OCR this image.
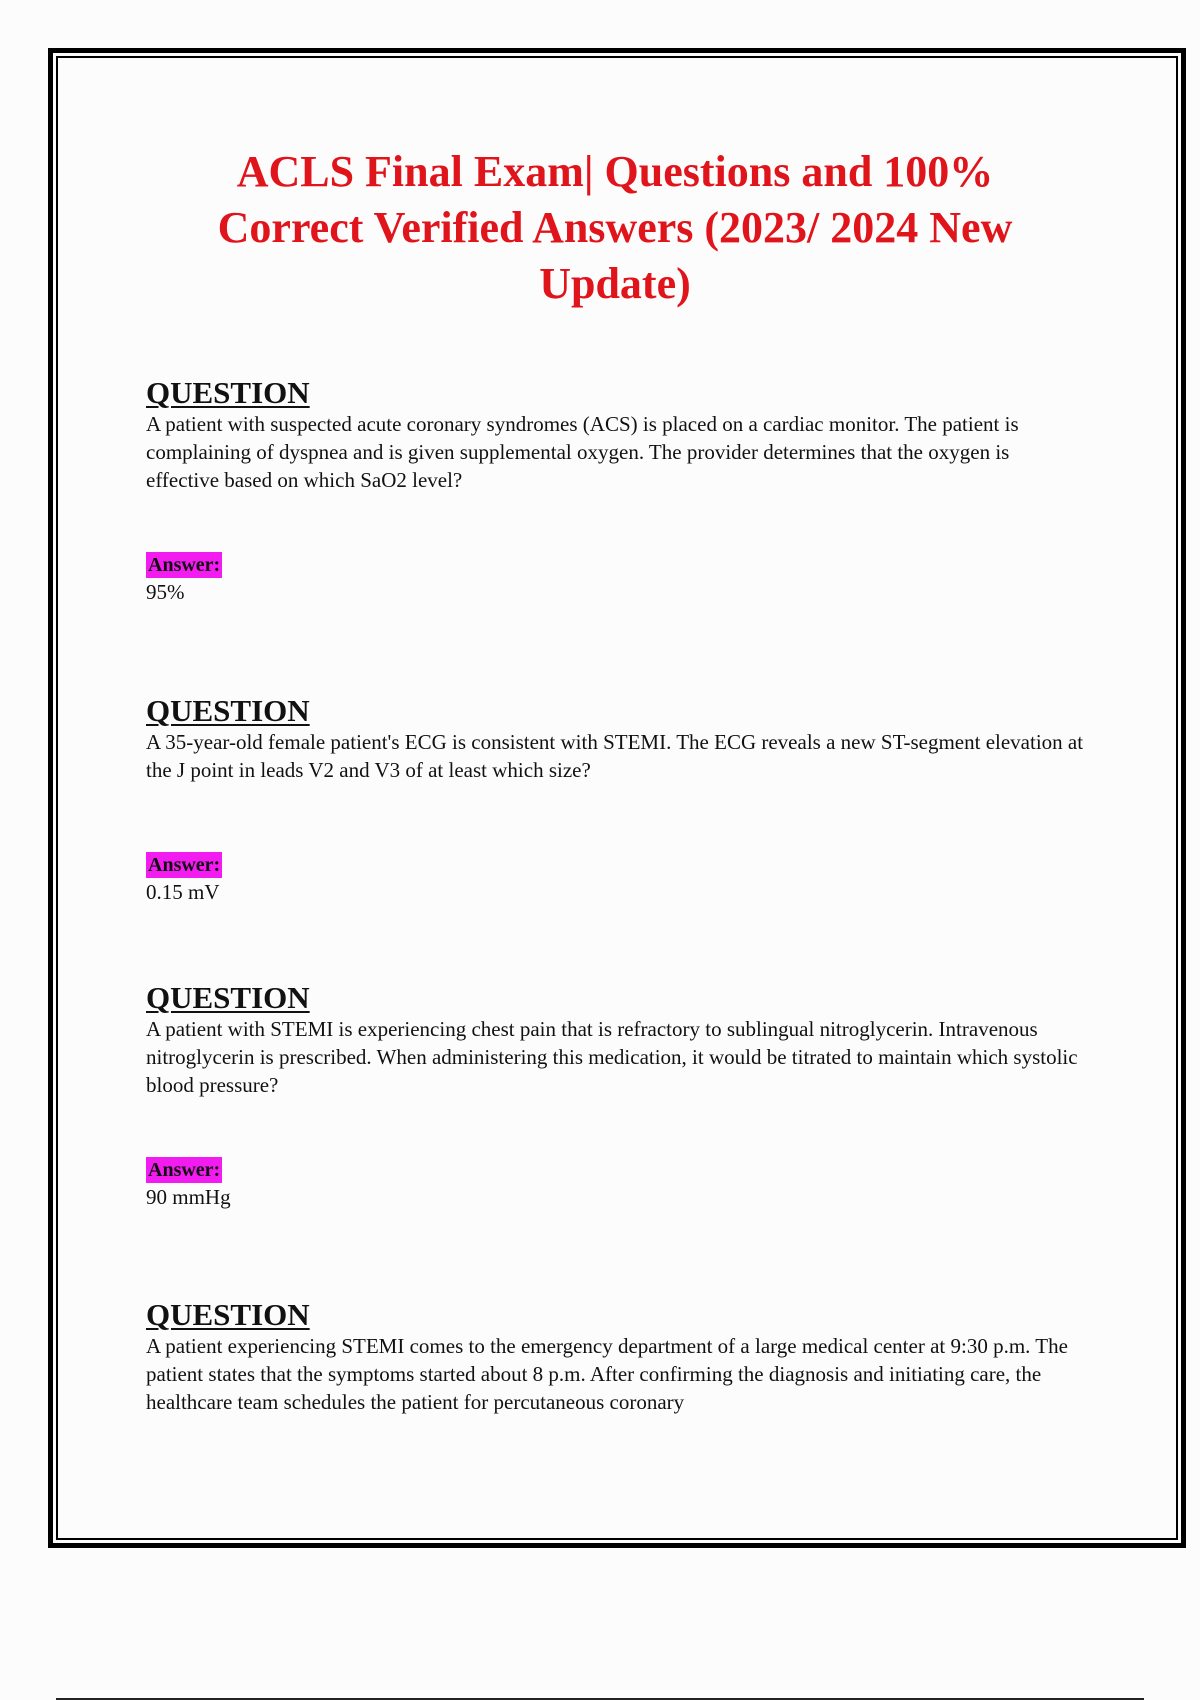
ACLS Final Exam| Questions and 100%
Correct Verified Answers (2023/ 2024 New
Update)
QUESTION

A patient with suspected acute coronary syndromes (ACS) is placed on a cardiac monitor. The patient is complaining of dyspnea and is given supplemental oxygen. The provider determines that the oxygen is effective based on which SaO2 level?

Answer:

95%

QUESTION

A 35-year-old female patient's ECG is consistent with STEMI. The ECG reveals a new ST-segment elevation at the J point in leads V2 and V3 of at least which size?

Answer:

0.15 mV

QUESTION

A patient with STEMI is experiencing chest pain that is refractory to sublingual nitroglycerin. Intravenous nitroglycerin is prescribed. When administering this medication, it would be titrated to maintain which systolic blood pressure?

Answer:

90 mmHg

QUESTION

A patient experiencing STEMI comes to the emergency department of a large medical center at 9:30 p.m. The patient states that the symptoms started about 8 p.m. After confirming the diagnosis and initiating care, the healthcare team schedules the patient for percutaneous coronary
